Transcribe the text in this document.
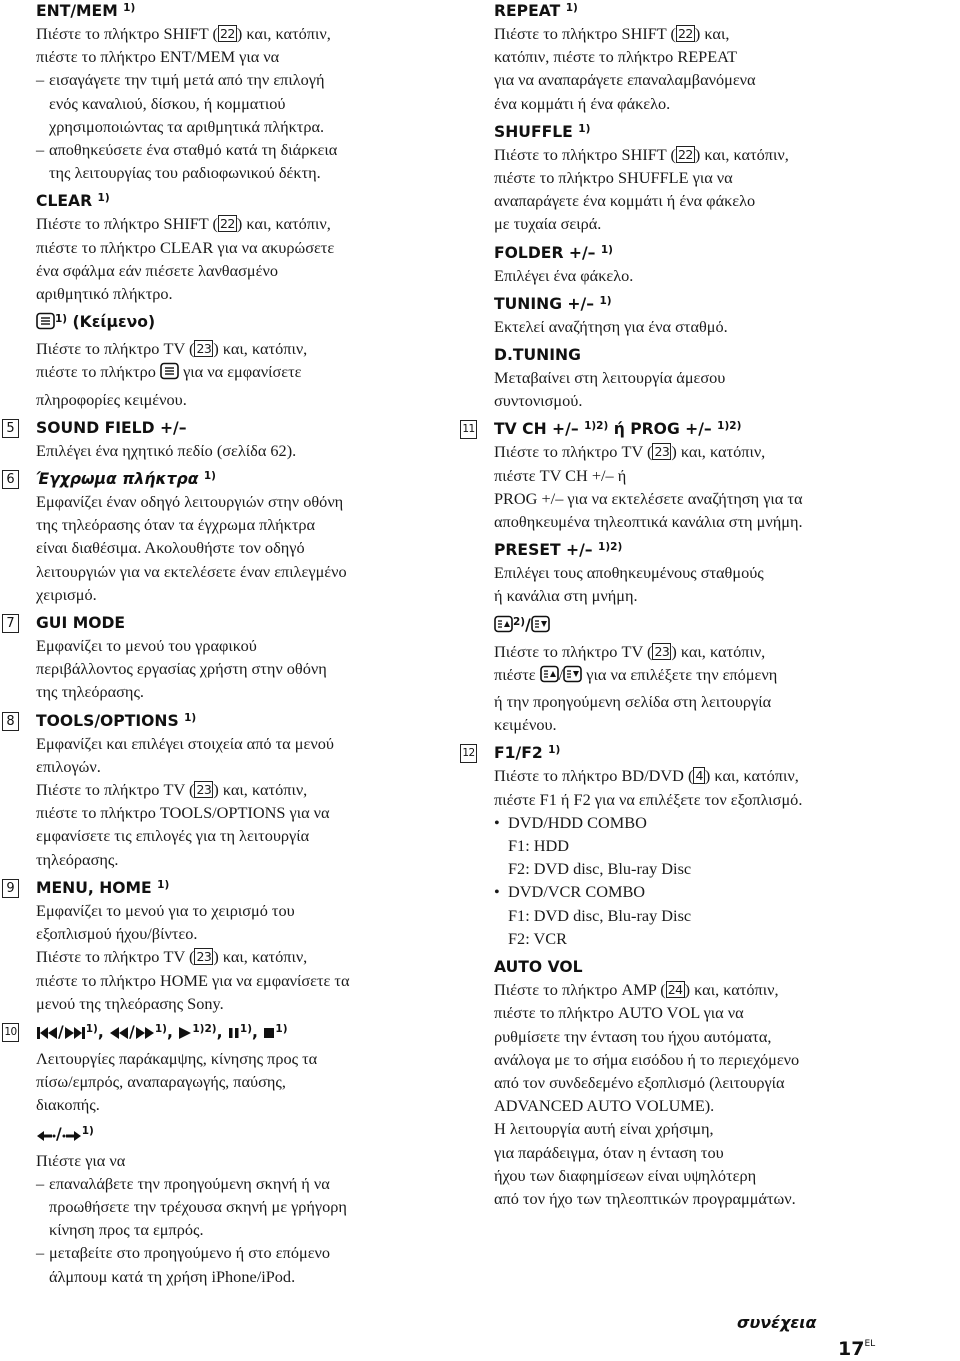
ENT/MEM $^{1)}$

Πιέστε το πλήκτρο SHIFT ( 22 ) και, κατόπιν,

πιέστε το πλήκτρο ENT/MEM για να

– εισαγάγετε την τιμή μετά από την επιλογή
ενός καναλιού, δίσκου, ή κομματιού
χρησιμοποιώντας τα αριθμητικά πλήκτρα.
– αποθηκεύσετε ένα σταθμό κατά τη διάρκεια
της λειτουργίας του ραδιοφωνικού δέκτη.
CLEAR $^{1)}$

Πιέστε το πλήκτρο SHIFT ( 22 ) και, κατόπιν,

πιέστε το πλήκτρο CLEAR για να ακυρώσετε
ένα σφάλμα εάν πιέσετε λανθασμένο
αριθμητικό πλήκτρο.
$^{1)}$ (Κείμενο)

Πιέστε το πλήκτρο TV ( 23 ) και, κατόπιν,

πιέστε το πλήκτρο για να εμφανίσετε

πληροφορίες κειμένου.

5 SOUND FIELD +/–
Επιλέγει ένα ηχητικό πεδίο (σελίδα 62).
6 Έγχρωμα πλήκτρα $^{1)}$
Εμφανίζει έναν οδηγό λειτουργιών στην οθόνη
της τηλεόρασης όταν τα έγχρωμα πλήκτρα
είναι διαθέσιμα. Ακολουθήστε τον οδηγό
λειτουργιών για να εκτελέσετε έναν επιλεγμένο
χειρισμό.
7 GUI MODE
Εμφανίζει το μενού του γραφικού
περιβάλλοντος εργασίας χρήστη στην οθόνη
της τηλεόρασης.
8 TOOLS/OPTIONS $^{1)}$
Εμφανίζει και επιλέγει στοιχεία από τα μενού
επιλογών.

Πιέστε το πλήκτρο TV ( 23 ) και, κατόπιν,

πιέστε το πλήκτρο TOOLS/OPTIONS για να
εμφανίσετε τις επιλογές για τη λειτουργία
τηλεόρασης.
9 MENU, HOME $^{1)}$
Εμφανίζει το μενού για το χειρισμό του
εξοπλισμού ήχου/βίντεο.

Πιέστε το πλήκτρο TV ( 23 ) και, κατόπιν,

πιέστε το πλήκτρο HOME για να εμφανίσετε τα
μενού της τηλεόρασης Sony.
10	/ $^{1)}$, / $^{1)}$, $^{1)2)}$, $^{1)}$, $^{1)}$
Λειτουργίες παράκαμψης, κίνησης προς τα
πίσω/εμπρός, αναπαραγωγής, παύσης,
διακοπής.
/ $^{1)}$

Πιέστε για να

– επαναλάβετε την προηγούμενη σκηνή ή να
προωθήσετε την τρέχουσα σκηνή με γρήγορη
κίνηση προς τα εμπρός.
– μεταβείτε στο προηγούμενο ή στο επόμενο
άλμπουμ κατά τη χρήση iPhone/iPod.
REPEAT $^{1)}$

Πιέστε το πλήκτρο SHIFT ( 22 ) και,

κατόπιν, πιέστε το πλήκτρο REPEAT
για να αναπαράγετε επαναλαμβανόμενα
ένα κομμάτι ή ένα φάκελο.
SHUFFLE $^{1)}$

Πιέστε το πλήκτρο SHIFT ( 22 ) και, κατόπιν,

πιέστε το πλήκτρο SHUFFLE για να
αναπαράγετε ένα κομμάτι ή ένα φάκελο
με τυχαία σειρά.
FOLDER +/– $^{1)}$
Επιλέγει ένα φάκελο.
TUNING +/– $^{1)}$
Εκτελεί αναζήτηση για ένα σταθμό.
D.TUNING
Μεταβαίνει στη λειτουργία άμεσου
συντονισμού.
11 TV CH +/– $^{1)2)}$ ή PROG +/– $^{1)2)}$

Πιέστε το πλήκτρο TV ( 23 ) και, κατόπιν,

πιέστε TV CH +/– ή
PROG +/– για να εκτελέσετε αναζήτηση για τα
αποθηκευμένα τηλεοπτικά κανάλια στη μνήμη.
PRESET +/– $^{1)2)}$
Επιλέγει τους αποθηκευμένους σταθμούς
ή κανάλια στη μνήμη.
$^{2)}$/

Πιέστε το πλήκτρο TV ( 23 ) και, κατόπιν,

πιέστε / για να επιλέξετε την επόμενη

ή την προηγούμενη σελίδα στη λειτουργία
κειμένου.
12 F1/F2 $^{1)}$

Πιέστε το πλήκτρο BD/DVD ( 4 ) και, κατόπιν,

πιέστε F1 ή F2 για να επιλέξετε τον εξοπλισμό.

• DVD/HDD COMBO
F1: HDD
F2: DVD disc, Blu-ray Disc
• DVD/VCR COMBO
F1: DVD disc, Blu-ray Disc
F2: VCR
AUTO VOL

Πιέστε το πλήκτρο AMP ( 24 ) και, κατόπιν,

πιέστε το πλήκτρο AUTO VOL για να
ρυθμίσετε την ένταση του ήχου αυτόματα,
ανάλογα με το σήμα εισόδου ή το περιεχόμενο
από τον συνδεδεμένο εξοπλισμό (λειτουργία
ADVANCED AUTO VOLUME).
Η λειτουργία αυτή είναι χρήσιμη,
για παράδειγμα, όταν η ένταση του
ήχου των διαφημίσεων είναι υψηλότερη
από τον ήχο των τηλεοπτικών προγραμμάτων.
συνέχεια
$17^{EL}$
